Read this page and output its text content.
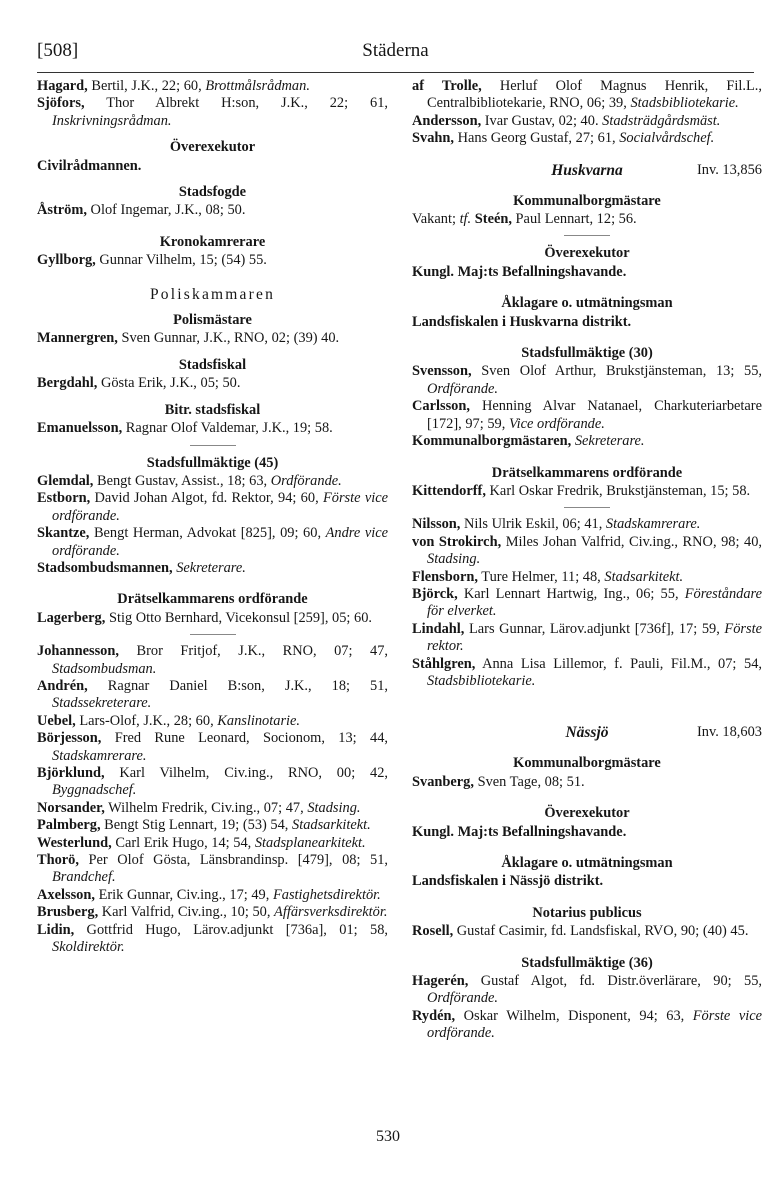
[508]	Städerna
Hagard, Bertil, J.K., 22; 60, Brottmålsrådman.
Sjöfors, Thor Albrekt H:son, J.K., 22; 61, Inskrivningsrådman.
Överexekutor
Civilrådmannen.
Stadsfogde
Åström, Olof Ingemar, J.K., 08; 50.
Kronokamrerare
Gyllborg, Gunnar Vilhelm, 15; (54) 55.
Poliskammaren
Polismästare
Mannergren, Sven Gunnar, J.K., RNO, 02; (39) 40.
Stadsfiskal
Bergdahl, Gösta Erik, J.K., 05; 50.
Bitr. stadsfiskal
Emanuelsson, Ragnar Olof Valdemar, J.K., 19; 58.
Stadsfullmäktige (45)
Glemdal, Bengt Gustav, Assist., 18; 63, Ordförande.
Estborn, David Johan Algot, fd. Rektor, 94; 60, Förste vice ordförande.
Skantze, Bengt Herman, Advokat [825], 09; 60, Andre vice ordförande.
Stadsombudsmannen, Sekreterare.
Drätselkammarens ordförande
Lagerberg, Stig Otto Bernhard, Vicekonsul [259], 05; 60.
Johannesson, Bror Fritjof, J.K., RNO, 07; 47, Stadsombudsman.
Andrén, Ragnar Daniel B:son, J.K., 18; 51, Stadssekreterare.
Uebel, Lars-Olof, J.K., 28; 60, Kanslinotarie.
Börjesson, Fred Rune Leonard, Socionom, 13; 44, Stadskamrerare.
Björklund, Karl Vilhelm, Civ.ing., RNO, 00; 42, Byggnadschef.
Norsander, Wilhelm Fredrik, Civ.ing., 07; 47, Stadsing.
Palmberg, Bengt Stig Lennart, 19; (53) 54, Stadsarkitekt.
Westerlund, Carl Erik Hugo, 14; 54, Stadsplanearkitekt.
Thorö, Per Olof Gösta, Länsbrandinsp. [479], 08; 51, Brandchef.
Axelsson, Erik Gunnar, Civ.ing., 17; 49, Fastighetsdirektör.
Brusberg, Karl Valfrid, Civ.ing., 10; 50, Affärsverksdirektör.
Lidin, Gottfrid Hugo, Lärov.adjunkt [736a], 01; 58, Skoldirektör.
af Trolle, Herluf Olof Magnus Henrik, Fil.L., Centralbibliotekarie, RNO, 06; 39, Stadsbibliotekarie.
Andersson, Ivar Gustav, 02; 40. Stadsträdgårdsmäst.
Svahn, Hans Georg Gustaf, 27; 61, Socialvårdschef.
Huskvarna	Inv. 13,856
Kommunalborgmästare
Vakant; tf. Steén, Paul Lennart, 12; 56.
Överexekutor
Kungl. Maj:ts Befallningshavande.
Åklagare o. utmätningsman
Landsfiskalen i Huskvarna distrikt.
Stadsfullmäktige (30)
Svensson, Sven Olof Arthur, Brukstjänsteman, 13; 55, Ordförande.
Carlsson, Henning Alvar Natanael, Charkuteriarbetare [172], 97; 59, Vice ordförande.
Kommunalborgmästaren, Sekreterare.
Drätselkammarens ordförande
Kittendorff, Karl Oskar Fredrik, Brukstjänsteman, 15; 58.
Nilsson, Nils Ulrik Eskil, 06; 41, Stadskamrerare.
von Strokirch, Miles Johan Valfrid, Civ.ing., RNO, 98; 40, Stadsing.
Flensborn, Ture Helmer, 11; 48, Stadsarkitekt.
Björck, Karl Lennart Hartwig, Ing., 06; 55, Föreståndare för elverket.
Lindahl, Lars Gunnar, Lärov.adjunkt [736f], 17; 59, Förste rektor.
Ståhlgren, Anna Lisa Lillemor, f. Pauli, Fil.M., 07; 54, Stadsbibliotekarie.
Nässjö	Inv. 18,603
Kommunalborgmästare
Svanberg, Sven Tage, 08; 51.
Överexekutor
Kungl. Maj:ts Befallningshavande.
Åklagare o. utmätningsman
Landsfiskalen i Nässjö distrikt.
Notarius publicus
Rosell, Gustaf Casimir, fd. Landsfiskal, RVO, 90; (40) 45.
Stadsfullmäktige (36)
Hagerén, Gustaf Algot, fd. Distr.överlärare, 90; 55, Ordförande.
Rydén, Oskar Wilhelm, Disponent, 94; 63, Förste vice ordförande.
530
